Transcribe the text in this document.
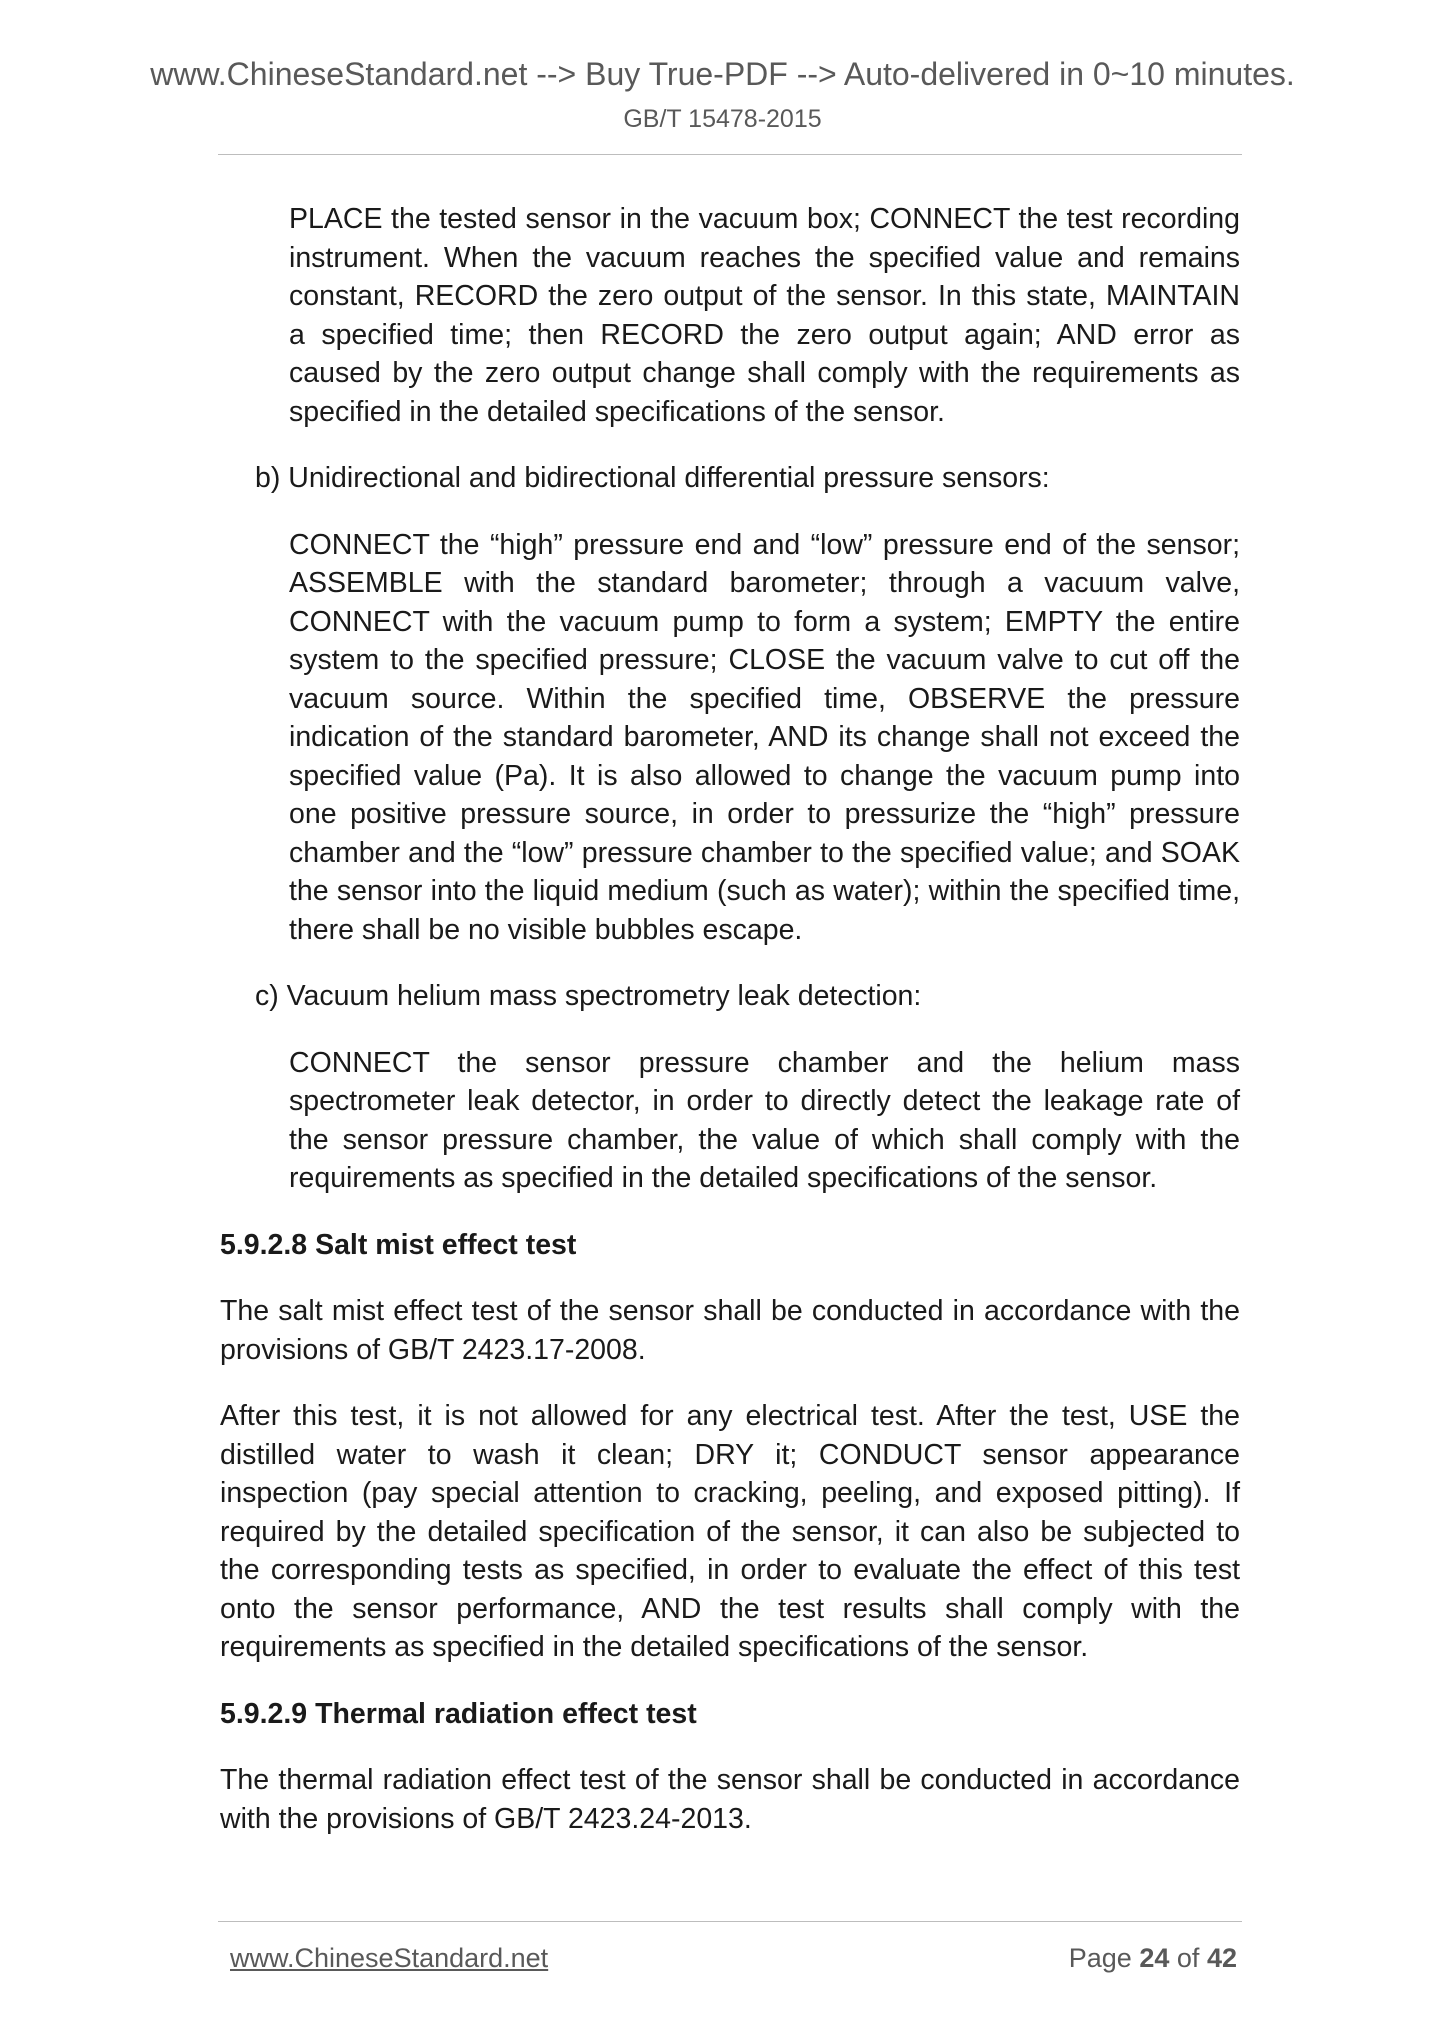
www.ChineseStandard.net --> Buy True-PDF --> Auto-delivered in 0~10 minutes.
GB/T 15478-2015

PLACE the tested sensor in the vacuum box; CONNECT the test recording instrument. When the vacuum reaches the specified value and remains constant, RECORD the zero output of the sensor. In this state, MAINTAIN a specified time; then RECORD the zero output again; AND error as caused by the zero output change shall comply with the requirements as specified in the detailed specifications of the sensor.

b) Unidirectional and bidirectional differential pressure sensors:

CONNECT the “high” pressure end and “low” pressure end of the sensor; ASSEMBLE with the standard barometer; through a vacuum valve, CONNECT with the vacuum pump to form a system; EMPTY the entire system to the specified pressure; CLOSE the vacuum valve to cut off the vacuum source. Within the specified time, OBSERVE the pressure indication of the standard barometer, AND its change shall not exceed the specified value (Pa). It is also allowed to change the vacuum pump into one positive pressure source, in order to pressurize the “high” pressure chamber and the “low” pressure chamber to the specified value; and SOAK the sensor into the liquid medium (such as water); within the specified time, there shall be no visible bubbles escape.

c) Vacuum helium mass spectrometry leak detection:

CONNECT the sensor pressure chamber and the helium mass spectrometer leak detector, in order to directly detect the leakage rate of the sensor pressure chamber, the value of which shall comply with the requirements as specified in the detailed specifications of the sensor.

5.9.2.8 Salt mist effect test

The salt mist effect test of the sensor shall be conducted in accordance with the provisions of GB/T 2423.17-2008.

After this test, it is not allowed for any electrical test. After the test, USE the distilled water to wash it clean; DRY it; CONDUCT sensor appearance inspection (pay special attention to cracking, peeling, and exposed pitting). If required by the detailed specification of the sensor, it can also be subjected to the corresponding tests as specified, in order to evaluate the effect of this test onto the sensor performance, AND the test results shall comply with the requirements as specified in the detailed specifications of the sensor.

5.9.2.9 Thermal radiation effect test

The thermal radiation effect test of the sensor shall be conducted in accordance with the provisions of GB/T 2423.24-2013.

www.ChineseStandard.net	Page 24 of 42
